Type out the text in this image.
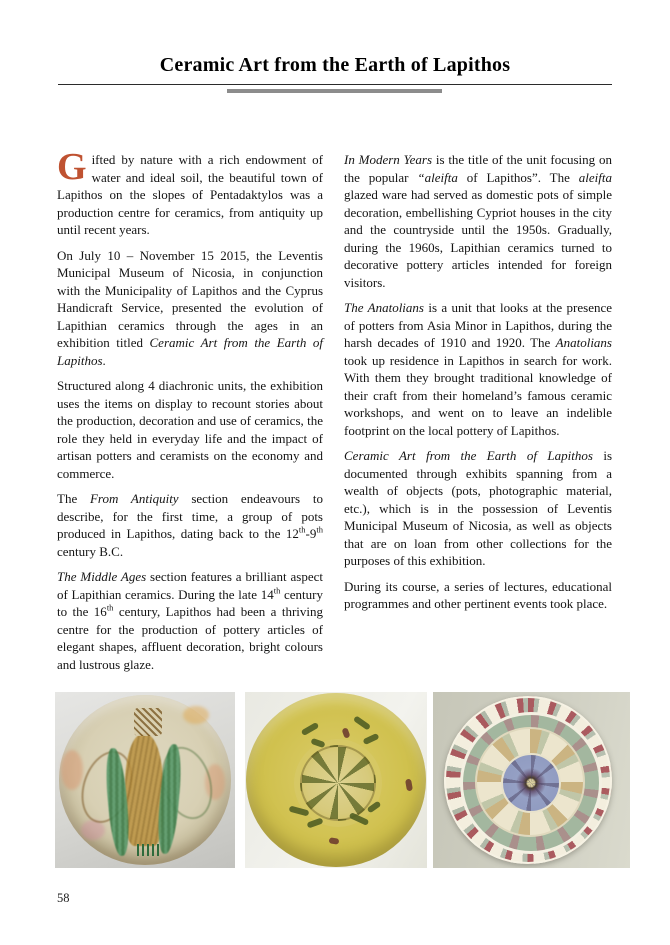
Ceramic Art from the Earth of Lapithos

Gifted by nature with a rich endowment of water and ideal soil, the beautiful town of Lapithos on the slopes of Pentadaktylos was a production centre for ceramics, from antiquity up until recent years.

On July 10 – November 15 2015, the Leventis Municipal Museum of Nicosia, in conjunction with the Municipality of Lapithos and the Cyprus Handicraft Service, presented the evolution of Lapithian ceramics through the ages in an exhibition titled Ceramic Art from the Earth of Lapithos.

Structured along 4 diachronic units, the exhibition uses the items on display to recount stories about the production, decoration and use of ceramics, the role they held in everyday life and the impact of artisan potters and ceramists on the economy and commerce.

The From Antiquity section endeavours to describe, for the first time, a group of pots produced in Lapithos, dating back to the 12th-9th century B.C.

The Middle Ages section features a brilliant aspect of Lapithian ceramics. During the late 14th century to the 16th century, Lapithos had been a thriving centre for the production of pottery articles of elegant shapes, affluent decoration, bright colours and lustrous glaze.

In Modern Years is the title of the unit focusing on the popular “aleifta of Lapithos”. The aleifta glazed ware had served as domestic pots of simple decoration, embellishing Cypriot houses in the city and the countryside until the 1950s. Gradually, during the 1960s, Lapithian ceramics turned to decorative pottery articles intended for foreign visitors.

The Anatolians is a unit that looks at the presence of potters from Asia Minor in Lapithos, during the harsh decades of 1910 and 1920. The Anatolians took up residence in Lapithos in search for work. With them they brought traditional knowledge of their craft from their homeland’s famous ceramic workshops, and went on to leave an indelible footprint on the local pottery of Lapithos.

Ceramic Art from the Earth of Lapithos is documented through exhibits spanning from a wealth of objects (pots, photographic material, etc.), which is in the possession of Leventis Municipal Museum of Nicosia, as well as objects that are on loan from other collections for the purposes of this exhibition.

During its course, a series of lectures, educational programmes and other pertinent events took place.

58
